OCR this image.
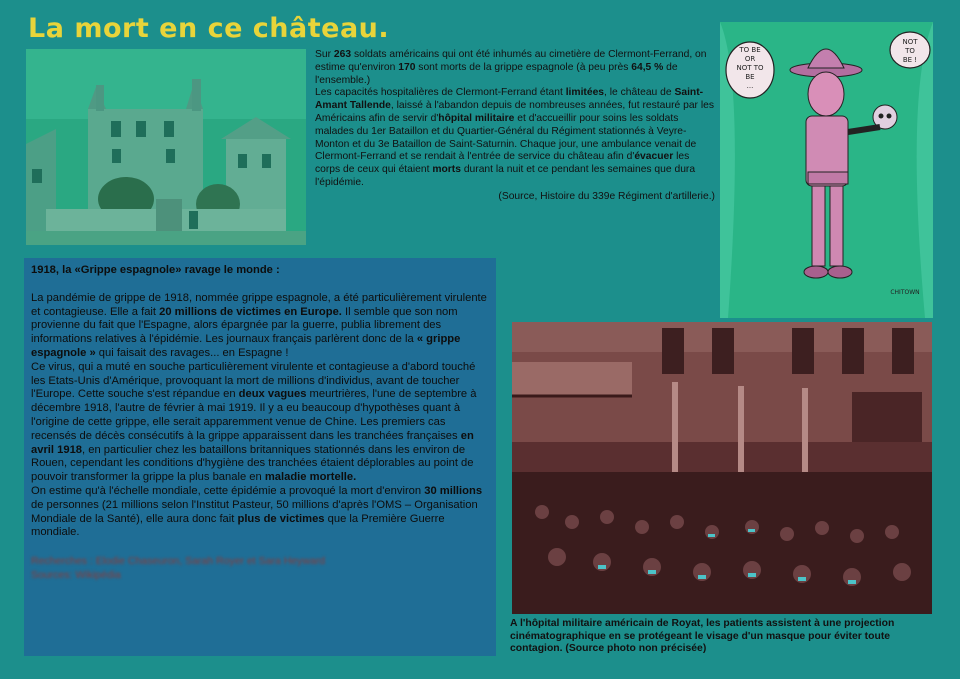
La mort en ce château.
Sur 263 soldats américains qui ont été inhumés au cimetière de Clermont-Ferrand, on estime qu'environ 170 sont morts de la grippe espagnole (à peu près 64,5 % de l'ensemble.)
Les capacités hospitalières de Clermont-Ferrand étant limitées, le château de Saint-Amant Tallende, laissé à l'abandon depuis de nombreuses années, fut restauré par les Américains afin de servir d'hôpital militaire et d'accueillir pour soins les soldats malades du 1er Bataillon et du Quartier-Général du Régiment stationnés à Veyre-Monton et du 3e Bataillon de Saint-Saturnin. Chaque jour, une ambulance venait de Clermont-Ferrand et se rendait à l'entrée de service du château afin d'évacuer les corps de ceux qui étaient morts durant la nuit et ce pendant les semaines que dura l'épidémie.
(Source, Histoire du 339e Régiment d'artillerie.)
TO BE OR NOT TO BE ...
NOT TO BE !
CHITOWN
1918, la «Grippe espagnole» ravage le monde :

La pandémie de grippe de 1918, nommée grippe espagnole, a été particulièrement virulente et contagieuse. Elle a fait 20 millions de victimes en Europe. Il semble que son nom provienne du fait que l'Espagne, alors épargnée par la guerre, publia librement des informations relatives à l'épidémie. Les journaux français parlèrent donc de la « grippe espagnole » qui faisait des ravages... en Espagne !

Ce virus, qui a muté en souche particulièrement virulente et contagieuse a d'abord touché les Etats-Unis d'Amérique, provoquant la mort de millions d'individus, avant de toucher l'Europe. Cette souche s'est répandue en deux vagues meurtrières, l'une de septembre à décembre 1918, l'autre de février à mai 1919. Il y a eu beaucoup d'hypothèses quant à l'origine de cette grippe, elle serait apparemment venue de Chine. Les premiers cas recensés de décès consécutifs à la grippe apparaissent dans les tranchées françaises en avril 1918, en particulier chez les bataillons britanniques stationnés dans les environ de Rouen, cependant les conditions d'hygiène des tranchées étaient déplorables au point de pouvoir transformer la grippe la plus banale en maladie mortelle.

On estime qu'à l'échelle mondiale, cette épidémie a provoqué la mort d'environ 30 millions de personnes (21 millions selon l'Institut Pasteur, 50 millions d'après l'OMS – Organisation Mondiale de la Santé), elle aura donc fait plus de victimes que la Première Guerre mondiale.

Recherches : Elodie Chaseuron, Sarah Royer et Sara Heyward
Sources: Wikipédia
A l'hôpital militaire américain de Royat, les patients assistent à une projection cinématographique en se protégeant le visage d'un masque pour éviter toute contagion. (Source photo non précisée)
